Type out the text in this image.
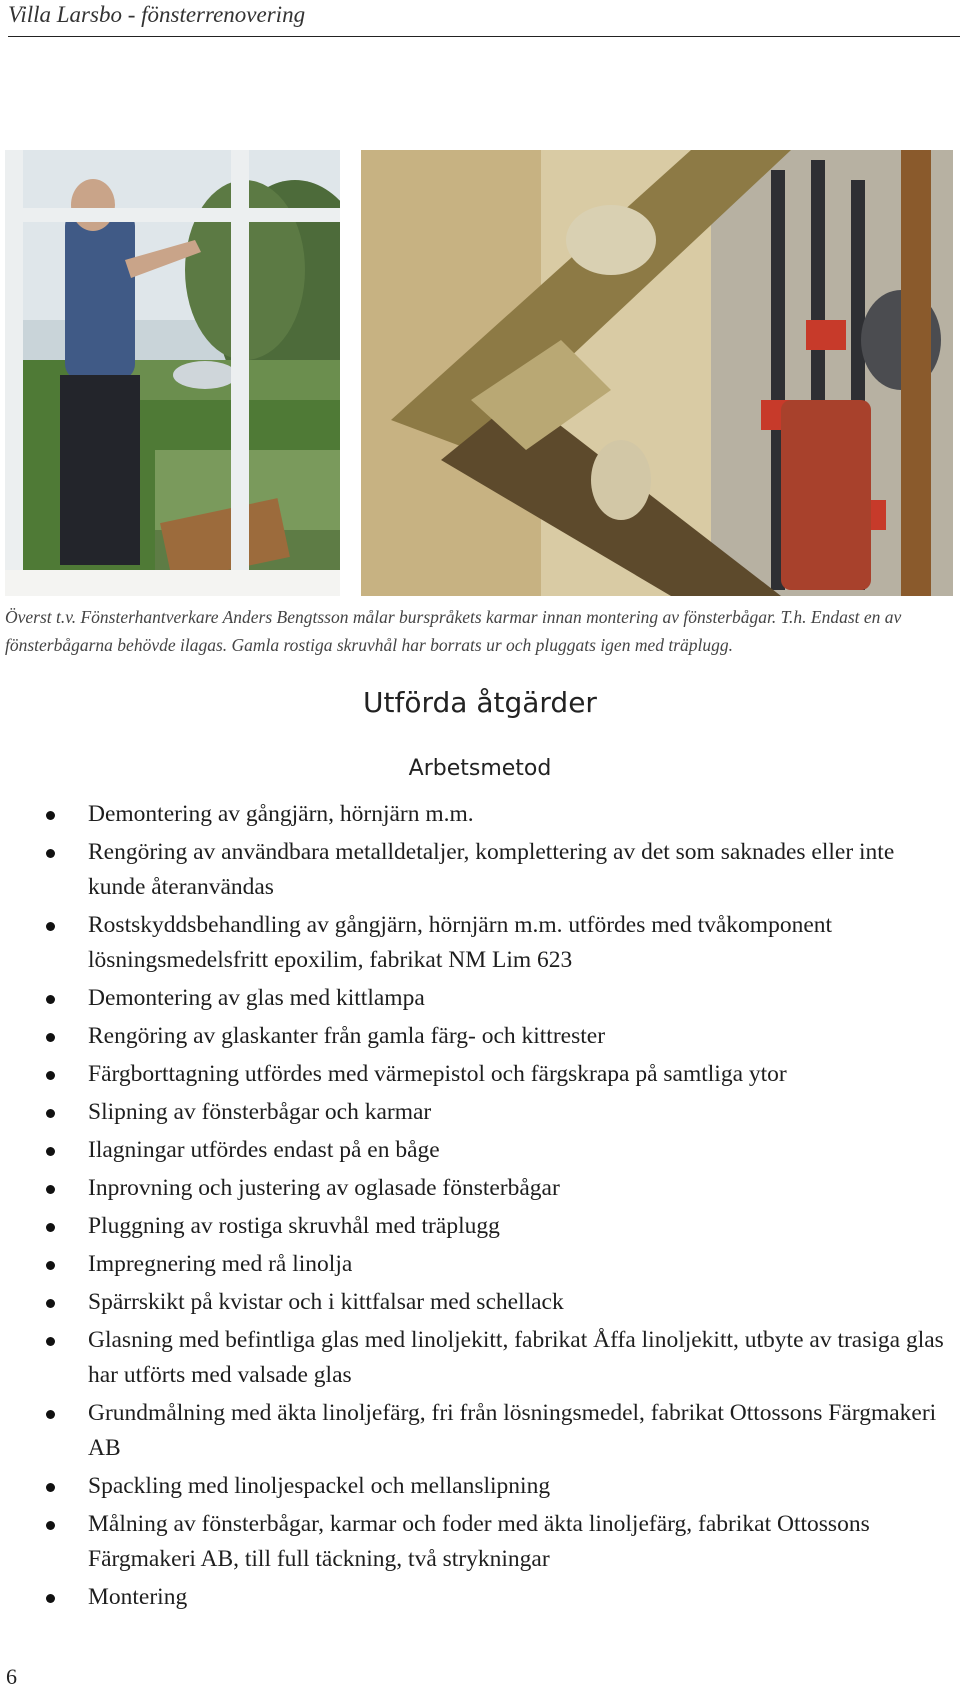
Villa Larsbo - fönsterrenovering
Överst t.v. Fönsterhantverkare Anders Bengtsson målar burspråkets karmar innan montering av fönsterbågar. T.h. Endast en av fönsterbågarna behövde ilagas. Gamla rostiga skruvhål har borrats ur och pluggats igen med träplugg.
Utförda åtgärder
Arbetsmetod
Demontering av gångjärn, hörnjärn m.m.
Rengöring av användbara metalldetaljer, komplettering av det som saknades eller inte kunde återanvändas
Rostskyddsbehandling av gångjärn, hörnjärn m.m. utfördes med tvåkomponent lösningsmedelsfritt epoxilim, fabrikat NM Lim 623
Demontering av glas med kittlampa
Rengöring av glaskanter från gamla färg- och kittrester
Färgborttagning utfördes med värmepistol och färgskrapa på samtliga ytor
Slipning av fönsterbågar och karmar
Ilagningar utfördes endast på en båge
Inprovning och justering av oglasade fönsterbågar
Pluggning av rostiga skruvhål med träplugg
Impregnering med rå linolja
Spärrskikt på kvistar och i kittfalsar med schellack
Glasning med befintliga glas med linoljekitt, fabrikat Åffa linoljekitt, utbyte av trasiga glas har utförts med valsade glas
Grundmålning med äkta linoljefärg, fri från lösningsmedel, fabrikat Ottossons Färgmakeri AB
Spackling med linoljespackel och mellanslipning
Målning av fönsterbågar, karmar och foder med äkta linoljefärg, fabrikat Ottossons Färgmakeri AB, till full täckning, två strykningar
Montering
6
